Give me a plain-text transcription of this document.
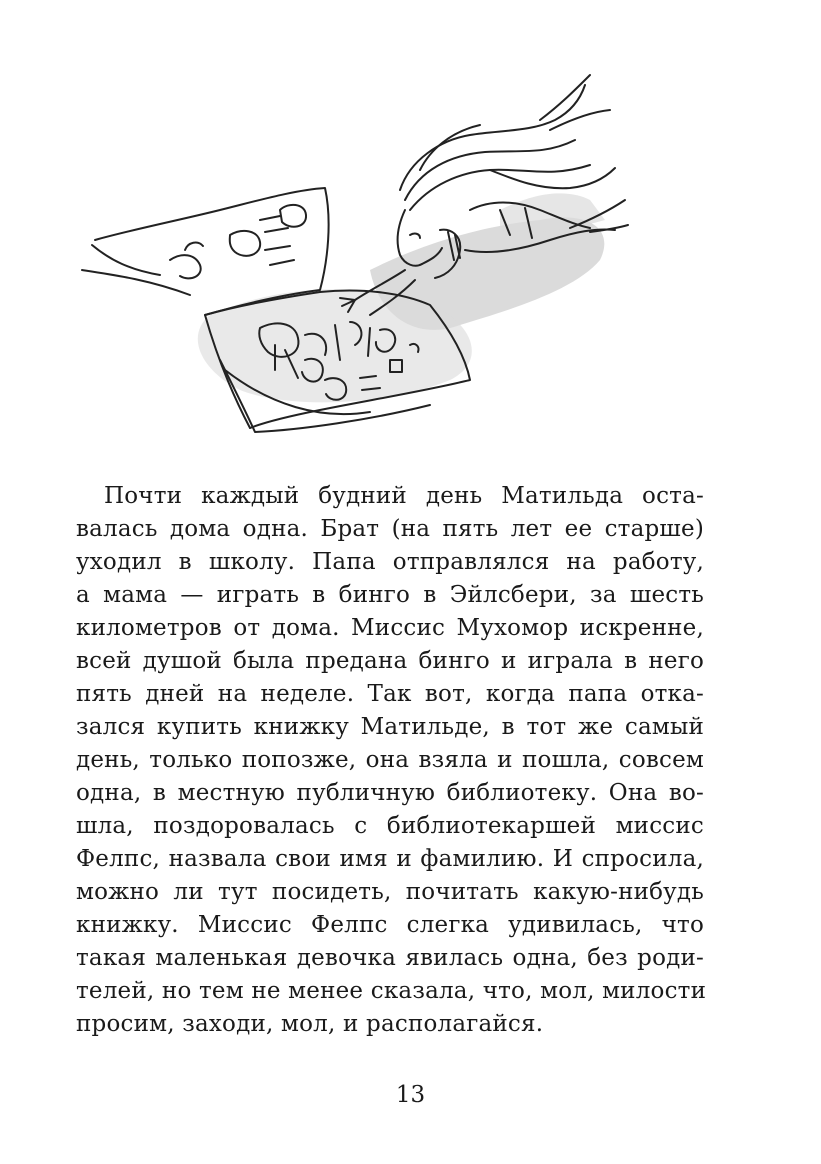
Почти каждый будний день Матильда оста-
валась дома одна. Брат (на пять лет ее старше)
уходил в школу. Папа отправлялся на работу,
а мама — играть в бинго в Эйлсбери, за шесть
километров от дома. Миссис Мухомор искренне,
всей душой была предана бинго и играла в него
пять дней на неделе. Так вот, когда папа отка-
зался купить книжку Матильде, в тот же самый
день, только попозже, она взяла и пошла, совсем
одна, в местную публичную библиотеку. Она во-
шла, поздоровалась с библиотекаршей миссис
Фелпс, назвала свои имя и фамилию. И спросила,
можно ли тут посидеть, почитать какую-нибудь
книжку. Миссис Фелпс слегка удивилась, что
такая маленькая девочка явилась одна, без роди-
телей, но тем не менее сказала, что, мол, милости
просим, заходи, мол, и располагайся.
13
